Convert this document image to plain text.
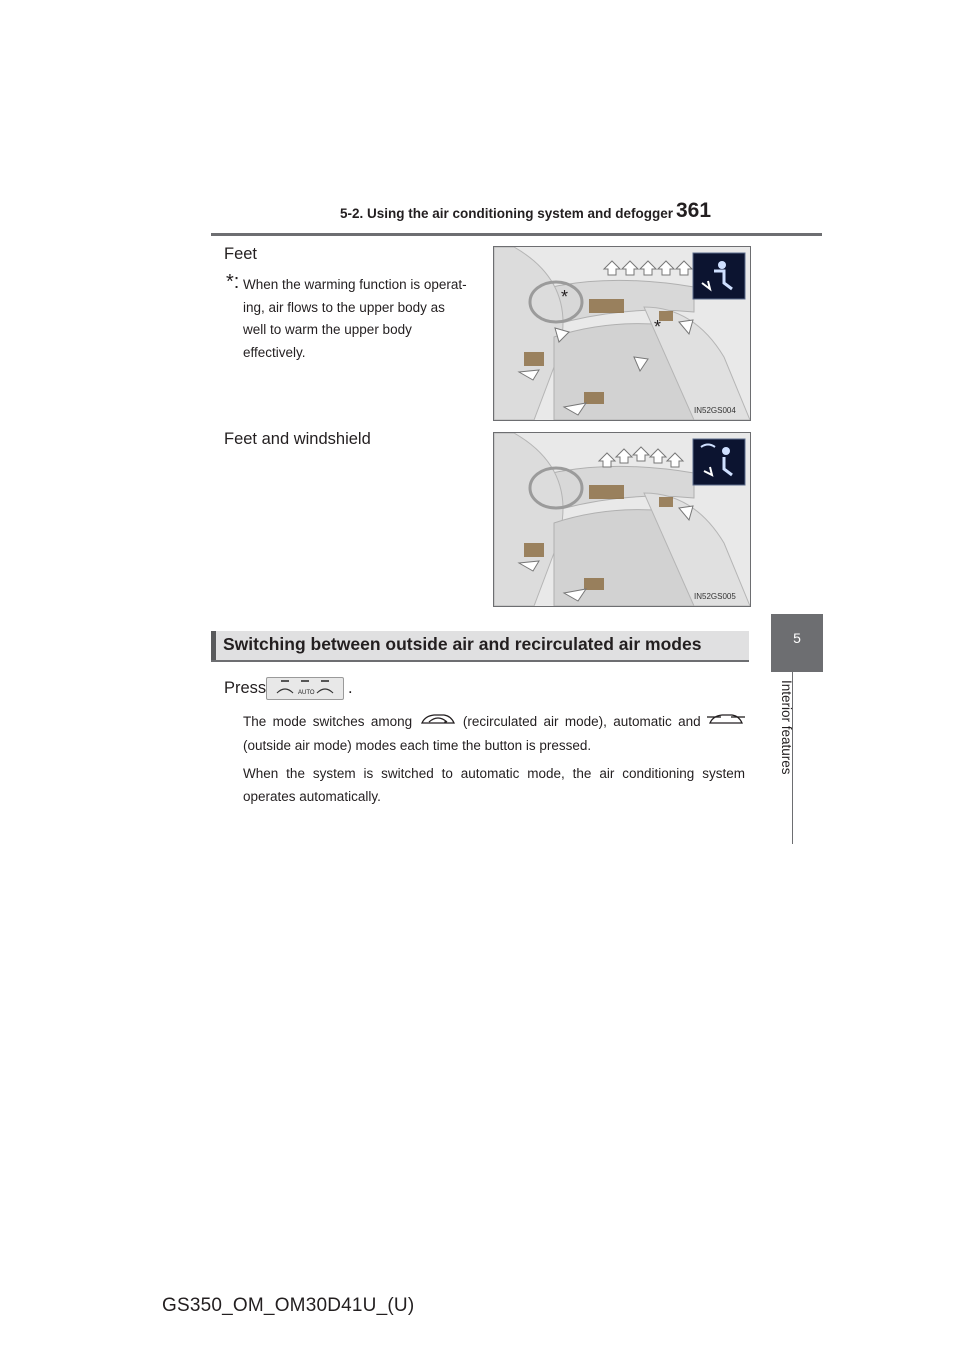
5-2. Using the air conditioning system and defogger 361
5
Interior features
Feet
*: When the warming function is operat-ing, air flows to the upper body as well to warm the upper body effectively.
*
*
IN52GS004
Feet and windshield
IN52GS005
Switching between outside air and recirculated air modes
Press	AUTO .
The mode switches among	(recirculated air mode), automatic and  (outside air mode) modes each time the button is pressed.
When the system is switched to automatic mode, the air conditioning system operates automatically.
GS350_OM_OM30D41U_(U)
